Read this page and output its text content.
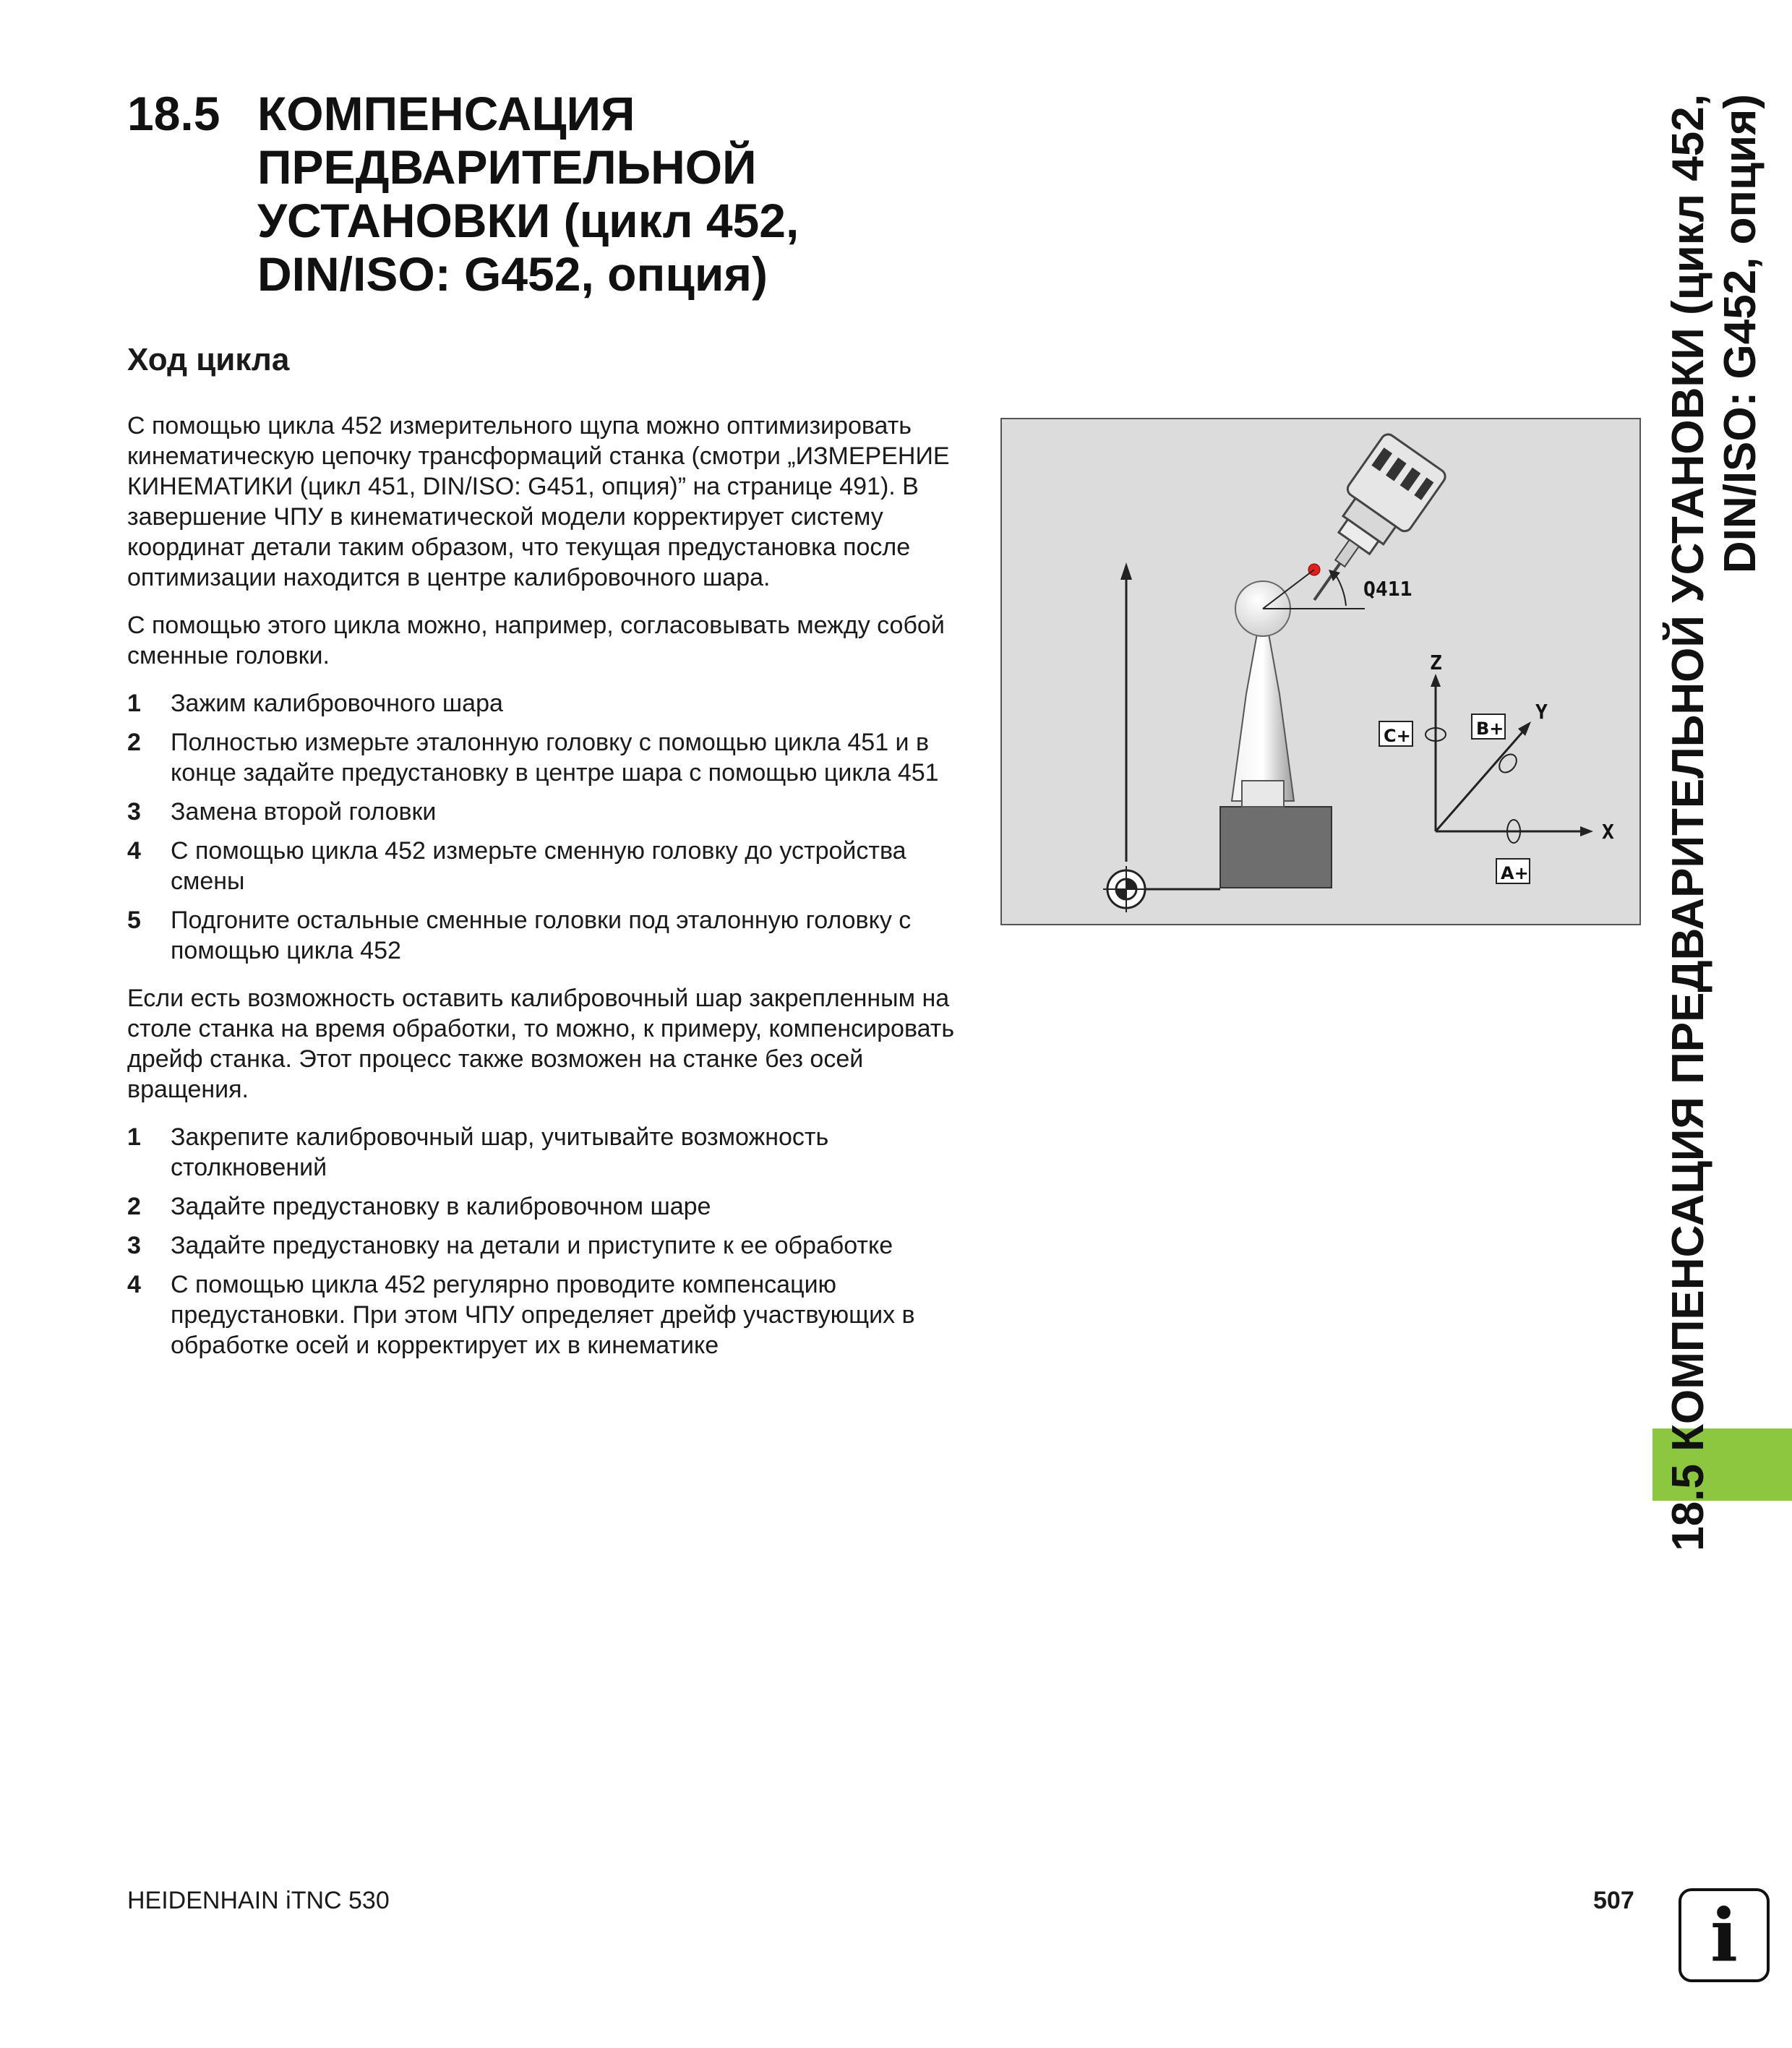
18.5 КОМПЕНСАЦИЯ
ПРЕДВАРИТЕЛЬНОЙ
УСТАНОВКИ (цикл 452,
DIN/ISO: G452, опция)
Ход цикла

С помощью цикла 452 измерительного щупа можно оптимизировать кинематическую цепочку трансформаций станка (смотри „ИЗМЕРЕНИЕ КИНЕМАТИКИ (цикл 451, DIN/ISO: G451, опция)” на странице 491). В завершение ЧПУ в кинематической модели корректирует систему координат детали таким образом, что текущая предустановка после оптимизации находится в центре калибровочного шара.

С помощью этого цикла можно, например, согласовывать между собой сменные головки.

1 Зажим калибровочного шара
2 Полностью измерьте эталонную головку с помощью цикла 451 и в конце задайте предустановку в центре шара с помощью цикла 451
3 Замена второй головки
4 С помощью цикла 452 измерьте сменную головку до устройства смены
5 Подгоните остальные сменные головки под эталонную головку с помощью цикла 452

Если есть возможность оставить калибровочный шар закрепленным на столе станка на время обработки, то можно, к примеру, компенсировать дрейф станка. Этот процесс также возможен на станке без осей вращения.

1 Закрепите калибровочный шар, учитывайте возможность столкновений
2 Задайте предустановку в калибровочном шаре
3 Задайте предустановку на детали и приступите к ее обработке
4 С помощью цикла 452 регулярно проводите компенсацию предустановки. При этом ЧПУ определяет дрейф участвующих в обработке осей и корректирует их в кинематике
Q411
Z
Y
X
C+	B+
A+	18.5 КОМПЕНСАЦИЯ ПРЕДВАРИТЕЛЬНОЙ УСТАНОВКИ (цикл 452, DIN/ISO: G452, опция)
HEIDENHAIN iTNC 530	507	i
